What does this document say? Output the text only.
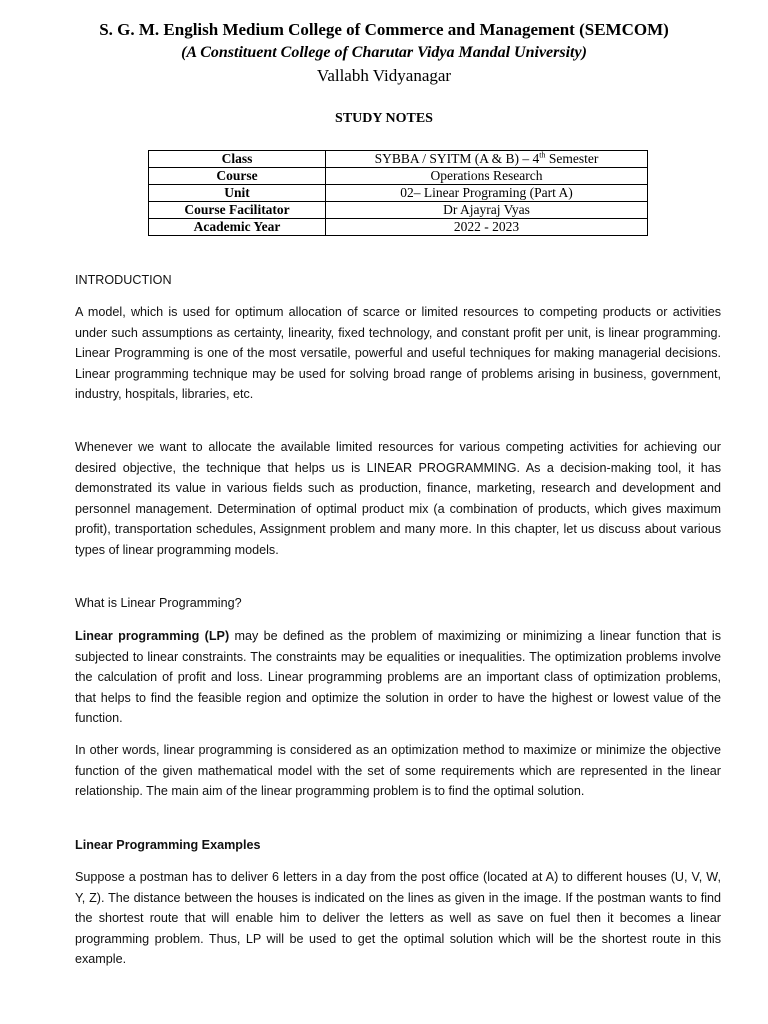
S. G. M. English Medium College of Commerce and Management (SEMCOM)
(A Constituent College of Charutar Vidya Mandal University)
Vallabh Vidyanagar
STUDY NOTES
Class	SYBBA / SYITM (A & B) – 4th Semester
Course	Operations Research
Unit	02– Linear Programing (Part A)
Course Facilitator	Dr Ajayraj Vyas
Academic Year	2022 - 2023

INTRODUCTION

A model, which is used for optimum allocation of scarce or limited resources to competing products or activities under such assumptions as certainty, linearity, fixed technology, and constant profit per unit, is linear programming. Linear Programming is one of the most versatile, powerful and useful techniques for making managerial decisions. Linear programming technique may be used for solving broad range of problems arising in business, government, industry, hospitals, libraries, etc.

Whenever we want to allocate the available limited resources for various competing activities for achieving our desired objective, the technique that helps us is LINEAR PROGRAMMING. As a decision-making tool, it has demonstrated its value in various fields such as production, finance, marketing, research and development and personnel management. Determination of optimal product mix (a combination of products, which gives maximum profit), transportation schedules, Assignment problem and many more. In this chapter, let us discuss about various types of linear programming models.

What is Linear Programming?

Linear programming (LP) may be defined as the problem of maximizing or minimizing a linear function that is subjected to linear constraints. The constraints may be equalities or inequalities. The optimization problems involve the calculation of profit and loss. Linear programming problems are an important class of optimization problems, that helps to find the feasible region and optimize the solution in order to have the highest or lowest value of the function.

In other words, linear programming is considered as an optimization method to maximize or minimize the objective function of the given mathematical model with the set of some requirements which are represented in the linear relationship. The main aim of the linear programming problem is to find the optimal solution.

Linear Programming Examples

Suppose a postman has to deliver 6 letters in a day from the post office (located at A) to different houses (U, V, W, Y, Z). The distance between the houses is indicated on the lines as given in the image. If the postman wants to find the shortest route that will enable him to deliver the letters as well as save on fuel then it becomes a linear programming problem. Thus, LP will be used to get the optimal solution which will be the shortest route in this example.
